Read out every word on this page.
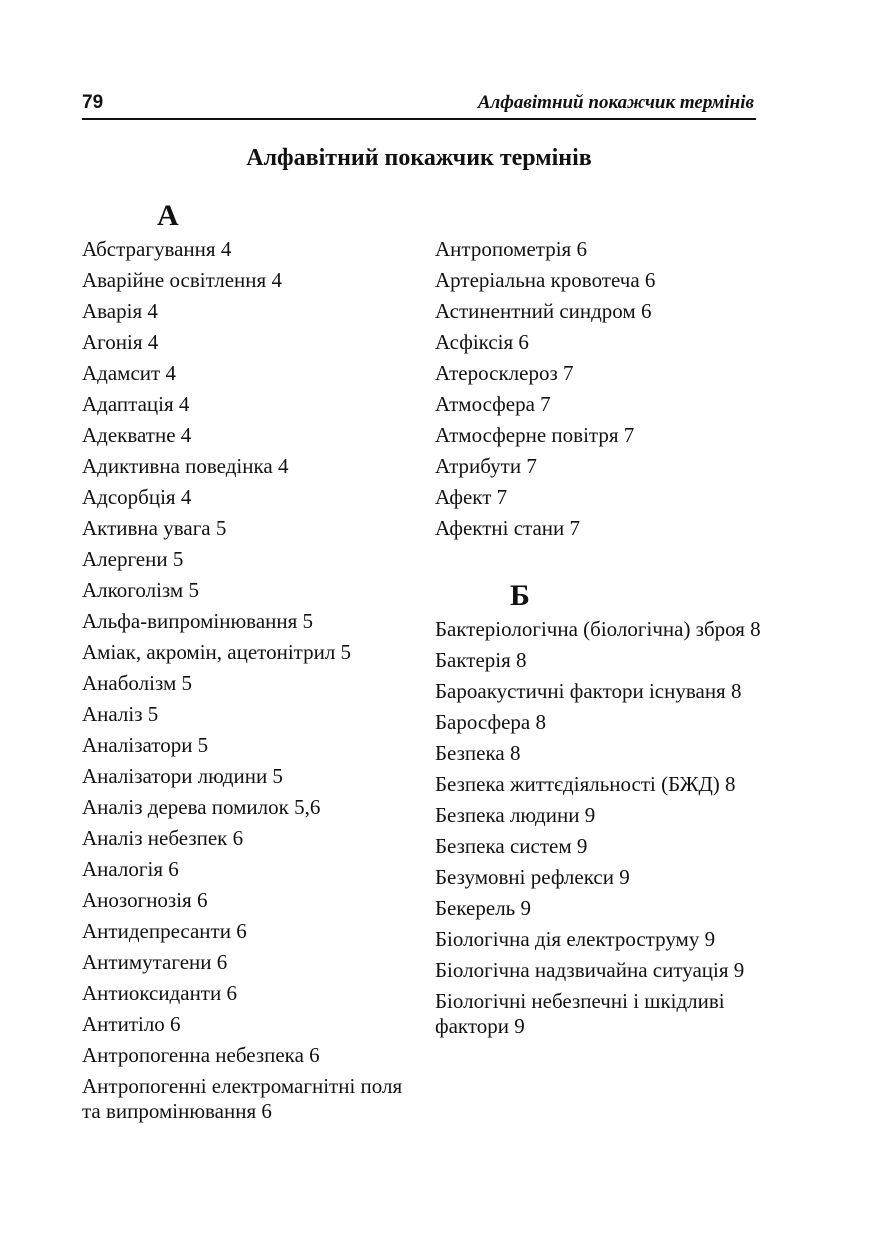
79	Алфавітний покажчик термінів
Алфавітний покажчик термінів
А
Абстрагування 4
Аварійне освітлення 4
Аварія 4
Агонія 4
Адамсит 4
Адаптація 4
Адекватне 4
Адиктивна поведінка 4
Адсорбція 4
Активна увага 5
Алергени 5
Алкоголізм 5
Альфа-випромінювання 5
Аміак, акромін, ацетонітрил 5
Анаболізм 5
Аналіз 5
Аналізатори 5
Аналізатори людини 5
Аналіз дерева помилок 5,6
Аналіз небезпек 6
Аналогія 6
Анозогнозія 6
Антидепресанти 6
Антимутагени 6
Антиоксиданти 6
Антитіло 6
Антропогенна небезпека 6
Антропогенні електромагнітні поля та випромінювання 6
Антропометрія 6
Артеріальна кровотеча 6
Астинентний синдром 6
Асфіксія 6
Атеросклероз 7
Атмосфера 7
Атмосферне повітря 7
Атрибути 7
Афект 7
Афектні стани 7
Б
Бактеріологічна (біологічна) зброя 8
Бактерія 8
Бароакустичні фактори існуваня 8
Баросфера 8
Безпека 8
Безпека життєдіяльності (БЖД) 8
Безпека людини 9
Безпека систем 9
Безумовні рефлекси 9
Бекерель 9
Біологічна дія електроструму 9
Біологічна надзвичайна ситуація 9
Біологічні небезпечні і шкідливі фактори 9
